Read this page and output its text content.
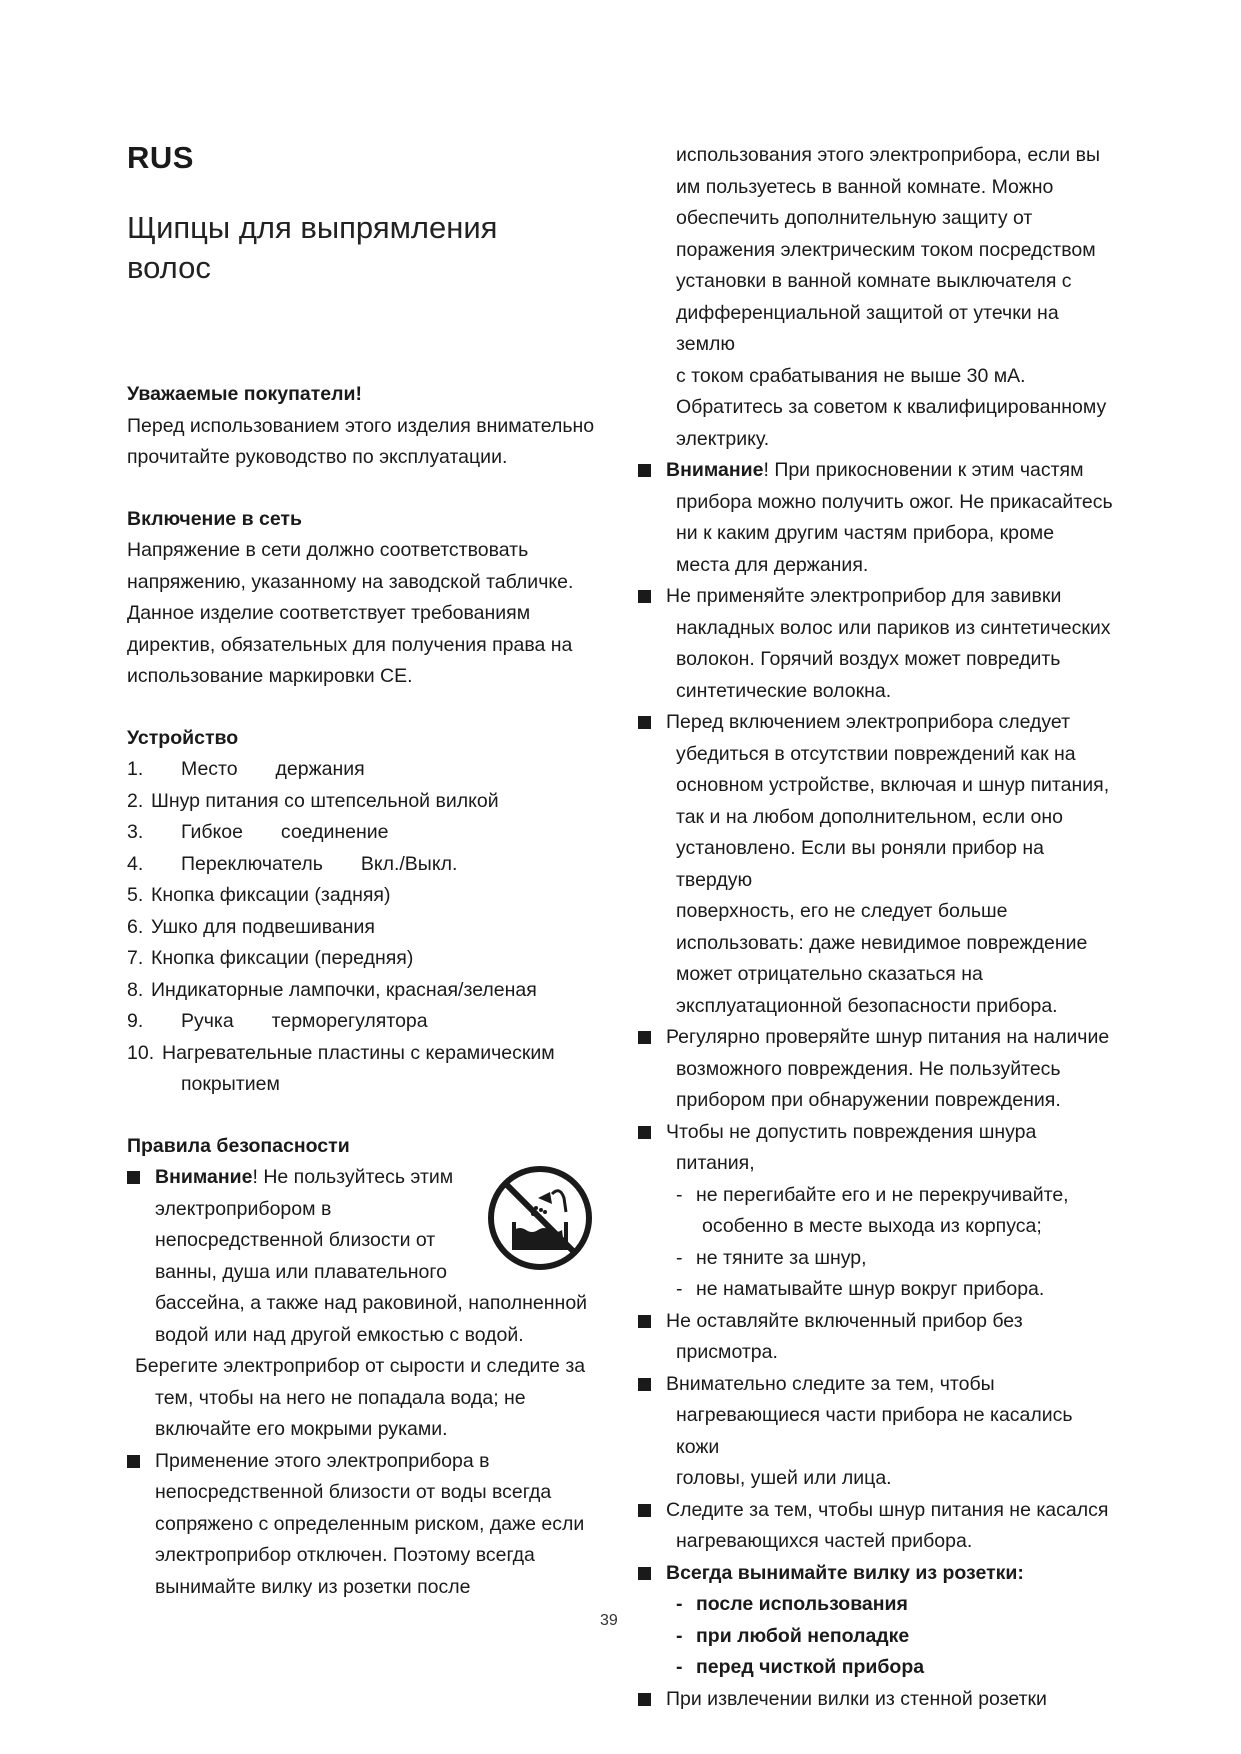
RUS
Щипцы для выпрямления
волос
Уважаемые покупатели!
Перед использованием этого изделия внимательно
прочитайте руководство по эксплуатации.
Включение в сеть
Напряжение в сети должно соответствовать
напряжению, указанному на заводской табличке.
Данное изделие соответствует требованиям
директив, обязательных для получения права на
использование маркировки CE.
Устройство
1.	Место       держания
2. Шнур питания со штепсельной вилкой
3.	Гибкое       соединение
4.	Переключатель       Вкл./Выкл.
5. Кнопка фиксации (задняя)
6. Ушко для подвешивания
7. Кнопка фиксации (передняя)
8. Индикаторные лампочки, красная/зеленая
9.	Ручка       терморегулятора
10. Нагревательные пластины с керамическим
покрытием
Правила безопасности
Внимание! Не пользуйтесь этим
электроприбором в
непосредственной близости от
ванны, душа или плавательного
бассейна, а также над раковиной, наполненной
водой или над другой емкостью с водой.
Берегите электроприбор от сырости и следите за
тем, чтобы на него не попадала вода; не
включайте его мокрыми руками.
Применение этого электроприбора в
непосредственной близости от воды всегда
сопряжено с определенным риском, даже если
электроприбор отключен. Поэтому всегда
вынимайте вилку из розетки после
использования этого электроприбора, если вы
им пользуетесь в ванной комнате. Можно
обеспечить дополнительную защиту от
поражения электрическим током посредством
установки в ванной комнате выключателя с
дифференциальной защитой от утечки на землю
с током срабатывания не выше 30 мА.
Обратитесь за советом к квалифицированному
электрику.
Внимание! При прикосновении к этим частям
прибора можно получить ожог. Не прикасайтесь
ни к каким другим частям прибора, кроме
места для держания.
Не применяйте электроприбор для завивки
накладных волос или париков из синтетических
волокон. Горячий воздух может повредить
синтетические волокна.
Перед включением электроприбора следует
убедиться в отсутствии повреждений как на
основном устройстве, включая и шнур питания,
так и на любом дополнительном, если оно
установлено. Если вы роняли прибор на твердую
поверхность, его не следует больше
использовать: даже невидимое повреждение
может отрицательно сказаться на
эксплуатационной безопасности прибора.
Регулярно проверяйте шнур питания на наличие
возможного повреждения. Не пользуйтесь
прибором при обнаружении повреждения.
Чтобы не допустить повреждения шнура
питания,
- не перегибайте его и не перекручивайте,
особенно в месте выхода из корпуса;
- не тяните за шнур,
- не наматывайте шнур вокруг прибора.
Не оставляйте включенный прибор без
присмотра.
Внимательно следите за тем, чтобы
нагревающиеся части прибора не касались кожи
головы, ушей или лица.
Следите за тем, чтобы шнур питания не касался
нагревающихся частей прибора.
Всегда вынимайте вилку из розетки:
- после использования
- при любой неполадке
- перед чисткой прибора
При извлечении вилки из стенной розетки
39
